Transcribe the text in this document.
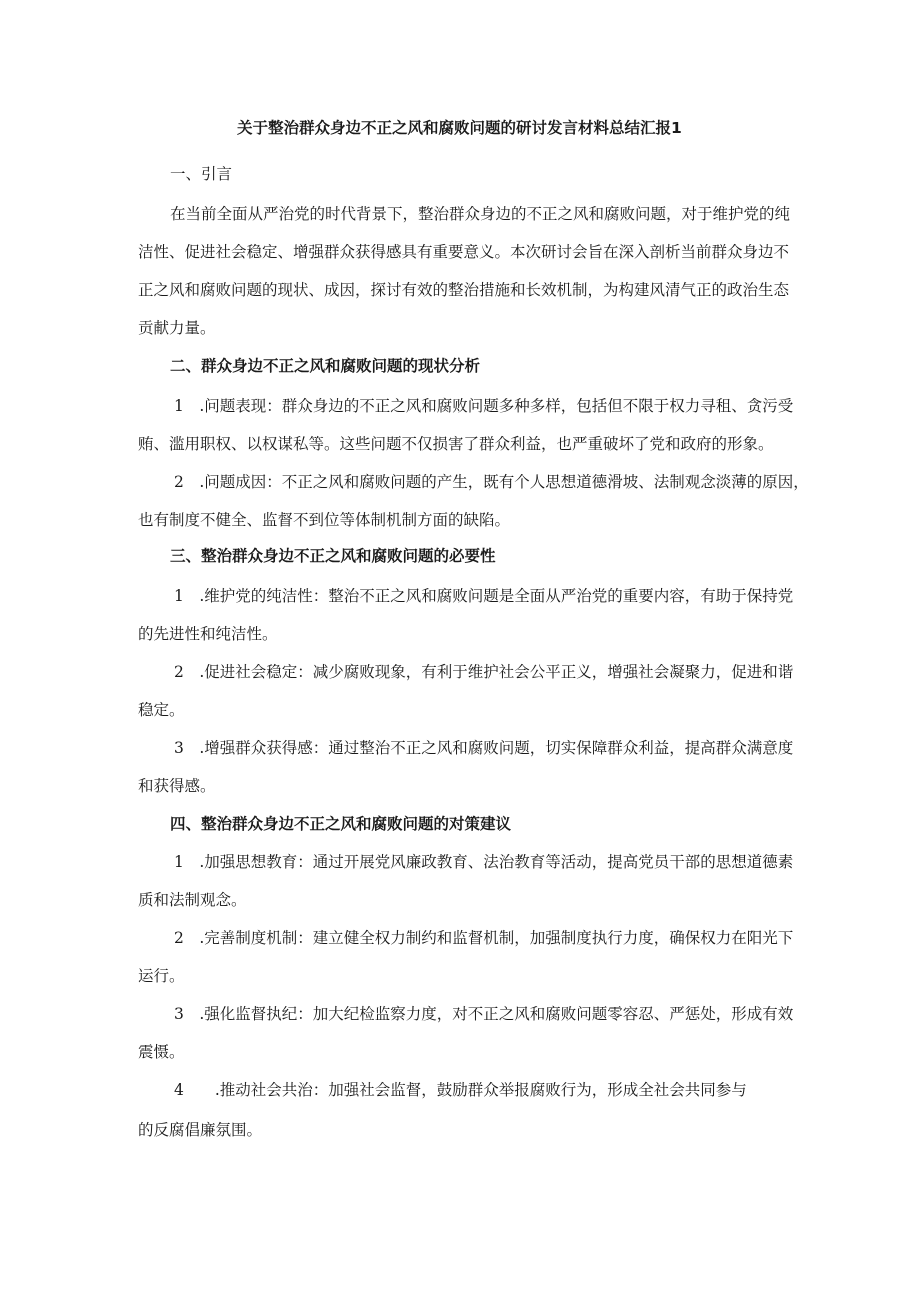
关于整治群众身边不正之风和腐败问题的研讨发言材料总结汇报1
一、引言
在当前全面从严治党的时代背景下，整治群众身边的不正之风和腐败问题，对于维护党的纯
洁性、促进社会稳定、增强群众获得感具有重要意义。本次研讨会旨在深入剖析当前群众身边不
正之风和腐败问题的现状、成因，探讨有效的整治措施和长效机制，为构建风清气正的政治生态
贡献力量。
二、群众身边不正之风和腐败问题的现状分析
1　.问题表现：群众身边的不正之风和腐败问题多种多样，包括但不限于权力寻租、贪污受
贿、滥用职权、以权谋私等。这些问题不仅损害了群众利益，也严重破坏了党和政府的形象。
2　.问题成因：不正之风和腐败问题的产生，既有个人思想道德滑坡、法制观念淡薄的原因，
也有制度不健全、监督不到位等体制机制方面的缺陷。
三、整治群众身边不正之风和腐败问题的必要性
1　.维护党的纯洁性：整治不正之风和腐败问题是全面从严治党的重要内容，有助于保持党
的先进性和纯洁性。
2　.促进社会稳定：减少腐败现象，有利于维护社会公平正义，增强社会凝聚力，促进和谐
稳定。
3　.增强群众获得感：通过整治不正之风和腐败问题，切实保障群众利益，提高群众满意度
和获得感。
四、整治群众身边不正之风和腐败问题的对策建议
1　.加强思想教育：通过开展党风廉政教育、法治教育等活动，提高党员干部的思想道德素
质和法制观念。
2　.完善制度机制：建立健全权力制约和监督机制，加强制度执行力度，确保权力在阳光下
运行。
3　.强化监督执纪：加大纪检监察力度，对不正之风和腐败问题零容忍、严惩处，形成有效
震慑。
4　　.推动社会共治：加强社会监督，鼓励群众举报腐败行为，形成全社会共同参与
的反腐倡廉氛围。
